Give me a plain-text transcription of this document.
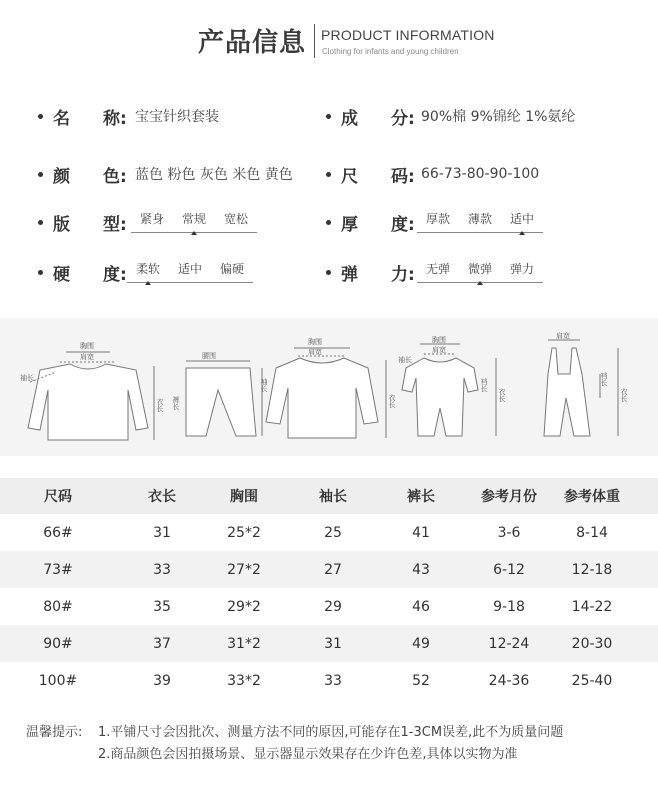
产品信息 PRODUCT INFORMATION
Clothing for infants and young children
名	称: 宝宝针织套装	成	分: 90%棉 9%锦纶 1%氨纶
颜	色: 蓝色 粉色 灰色 米色 黄色	尺	码: 66-73-80-90-100
版	型:	紧身	常规	宽松	厚	度: 厚款	薄款	适中
硬	度: 柔软	适中	偏硬	弹	力: 无弹	微弹	弹力
胸围
肩宽
袖长
衣长
腰围
裤长
胸围
肩宽
袖长
衣长
胸围
肩宽
袖长
裆长
衣长
肩宽
裆长
衣长
尺码	衣长	胸围	袖长	裤长	参考月份	参考体重
66#	31	25*2	25	41	3-6	8-14
73#	33	27*2	27	43	6-12	12-18
80#	35	29*2	29	46	9-18	14-22
90#	37	31*2	31	49	12-24	20-30
100#	39	33*2	33	52	24-36	25-40
温馨提示:	1.平铺尺寸会因批次、测量方法不同的原因,可能存在1-3CM误差,此不为质量问题
2.商品颜色会因拍摄场景、显示器显示效果存在少许色差,具体以实物为准
